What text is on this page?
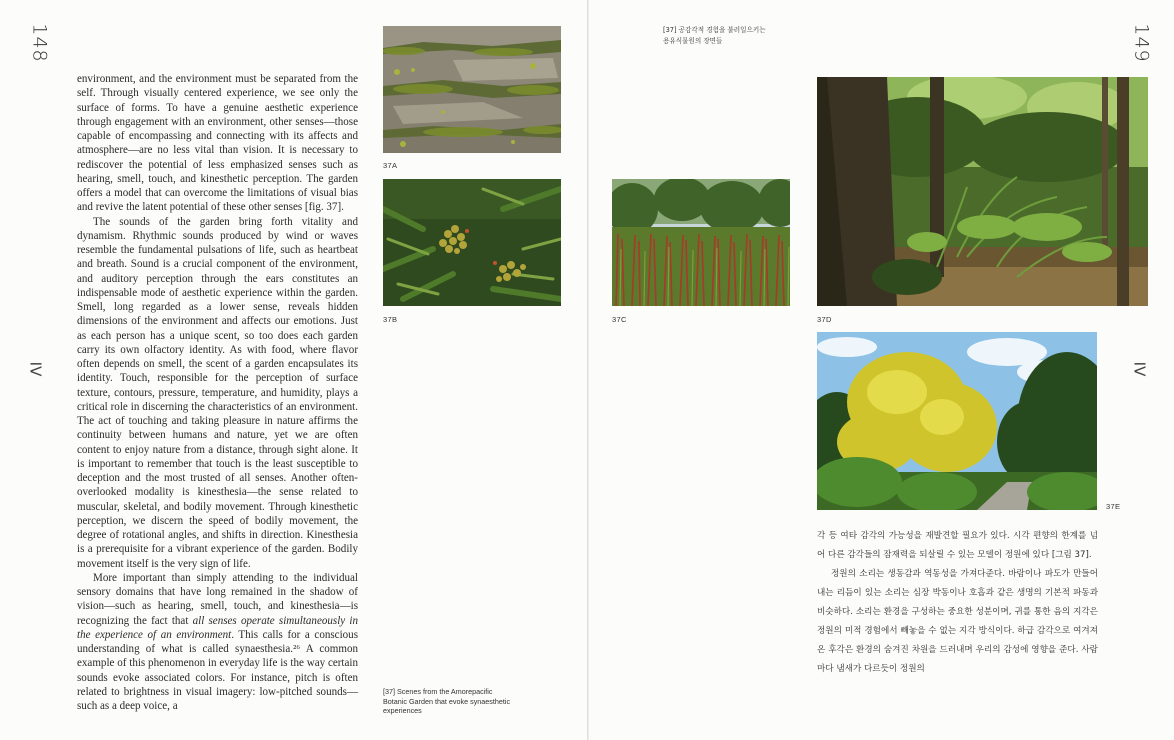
148
IV

environment, and the environment must be separated from the self. Through visually centered experience, we see only the surface of forms. To have a genuine aesthetic experience through engagement with an environment, other senses—those capable of encompassing and connecting with its affects and atmosphere—are no less vital than vision. It is necessary to rediscover the potential of less emphasized senses such as hearing, smell, touch, and kinesthetic perception. The garden offers a model that can overcome the limitations of visual bias and revive the latent potential of these other senses [fig. 37].

The sounds of the garden bring forth vitality and dynamism. Rhythmic sounds produced by wind or waves resemble the fundamental pulsations of life, such as heartbeat and breath. Sound is a crucial component of the environment, and auditory perception through the ears constitutes an indispensable mode of aesthetic experience within the garden. Smell, long regarded as a lower sense, reveals hidden dimensions of the environment and affects our emotions. Just as each person has a unique scent, so too does each garden carry its own olfactory identity. As with food, where flavor often depends on smell, the scent of a garden encapsulates its identity. Touch, responsible for the perception of surface texture, contours, pressure, temperature, and humidity, plays a critical role in discerning the characteristics of an environment. The act of touching and taking pleasure in nature affirms the continuity between humans and nature, yet we are often content to enjoy nature from a distance, through sight alone. It is important to remember that touch is the least susceptible to deception and the most trusted of all senses. Another often-overlooked modality is kinesthesia—the sense related to muscular, skeletal, and bodily movement. Through kinesthetic perception, we discern the speed of bodily movement, the degree of rotational angles, and shifts in direction. Kinesthesia is a prerequisite for a vibrant experience of the garden. Bodily movement itself is the very sign of life.

More important than simply attending to the individual sensory domains that have long remained in the shadow of vision—such as hearing, smell, touch, and kinesthesia—is recognizing the fact that all senses operate simultaneously in the experience of an environment. This calls for a conscious understanding of what is called synaesthesia.²⁶ A common example of this phenomenon in everyday life is the way certain sounds evoke associated colors. For instance, pitch is often related to brightness in visual imagery: low-pitched sounds—such as a deep voice, a

37A
37B	37C
[37] Scenes from the Amorepacific Botanic Garden that evoke synaesthetic experiences
[37] 공감각적 경험을 불러일으키는
용유식물원의 장면들	149
IV
37D
37E

각 등 여타 감각의 가능성을 재발견할 필요가 있다. 시각 편향의 한계를 넘어 다른 감각들의 잠재력을 되살릴 수 있는 모델이 정원에 있다 [그림 37].

정원의 소리는 생동감과 역동성을 가져다준다. 바람이나 파도가 만들어내는 리듬이 있는 소리는 심장 박동이나 호흡과 같은 생명의 기본적 파동과 비슷하다. 소리는 환경을 구성하는 중요한 성분이며, 귀를 통한 음의 지각은 정원의 미적 경험에서 빼놓을 수 없는 지각 방식이다. 하급 감각으로 여겨져 온 후각은 환경의 숨겨진 차원을 드러내며 우리의 감성에 영향을 준다. 사람마다 냄새가 다르듯이 정원의
